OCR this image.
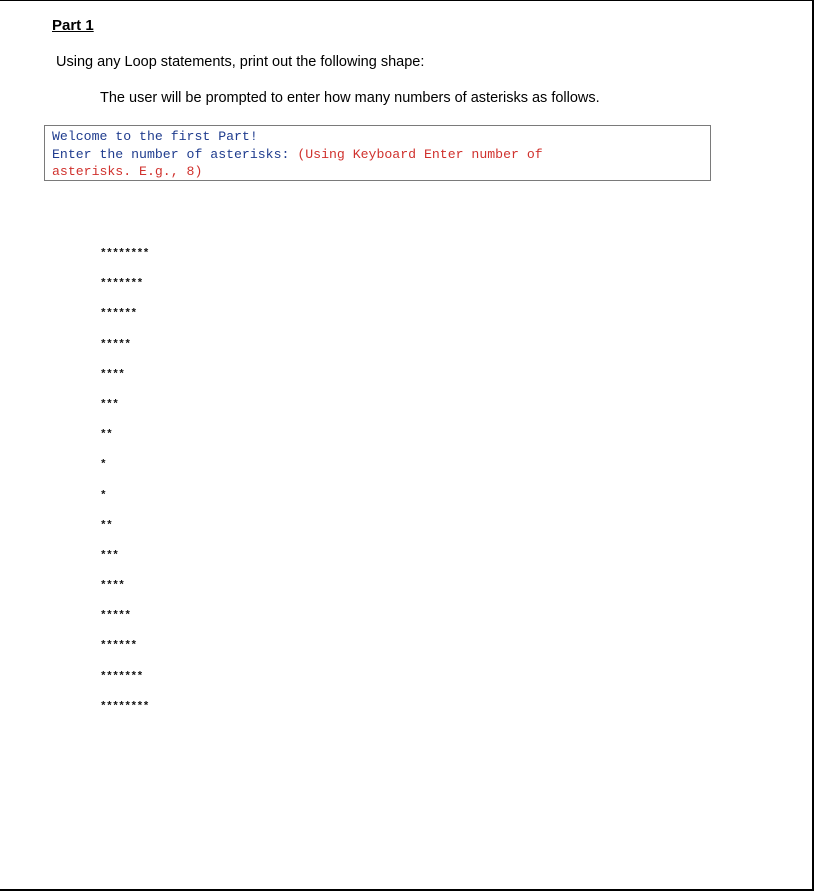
Part 1
Using any Loop statements, print out the following shape:
The user will be prompted to enter how many numbers of asterisks as follows.
Welcome to the first Part!
Enter the number of asterisks: (Using Keyboard Enter number of
asterisks. E.g., 8)
********
*******
******
*****
****
***
**
*
*
**
***
****
*****
******
*******
********
